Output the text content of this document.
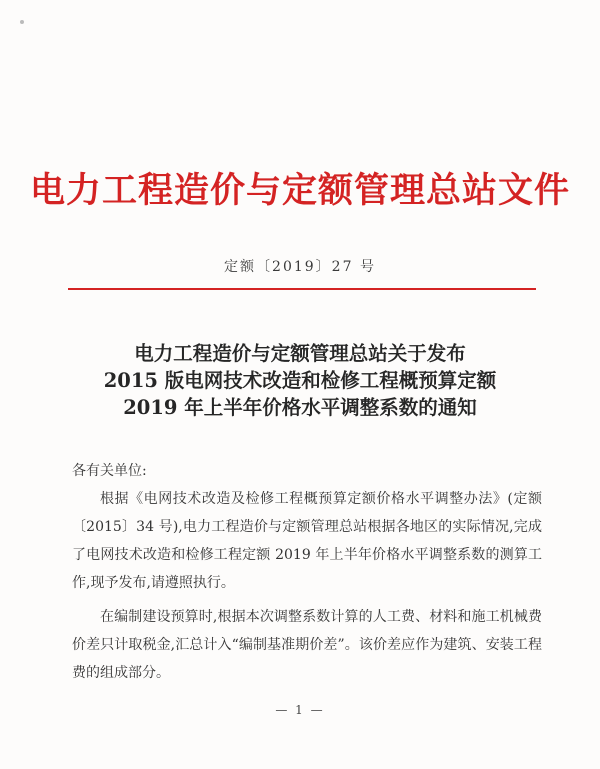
电力工程造价与定额管理总站文件
定额〔2019〕27 号
电力工程造价与定额管理总站关于发布
2015 版电网技术改造和检修工程概预算定额
2019 年上半年价格水平调整系数的通知

各有关单位:

根据《电网技术改造及检修工程概预算定额价格水平调整办法》(定额〔2015〕34 号),电力工程造价与定额管理总站根据各地区的实际情况,完成了电网技术改造和检修工程定额 2019 年上半年价格水平调整系数的测算工作,现予发布,请遵照执行。

在编制建设预算时,根据本次调整系数计算的人工费、材料和施工机械费价差只计取税金,汇总计入“编制基准期价差”。该价差应作为建筑、安装工程费的组成部分。

— 1 —
